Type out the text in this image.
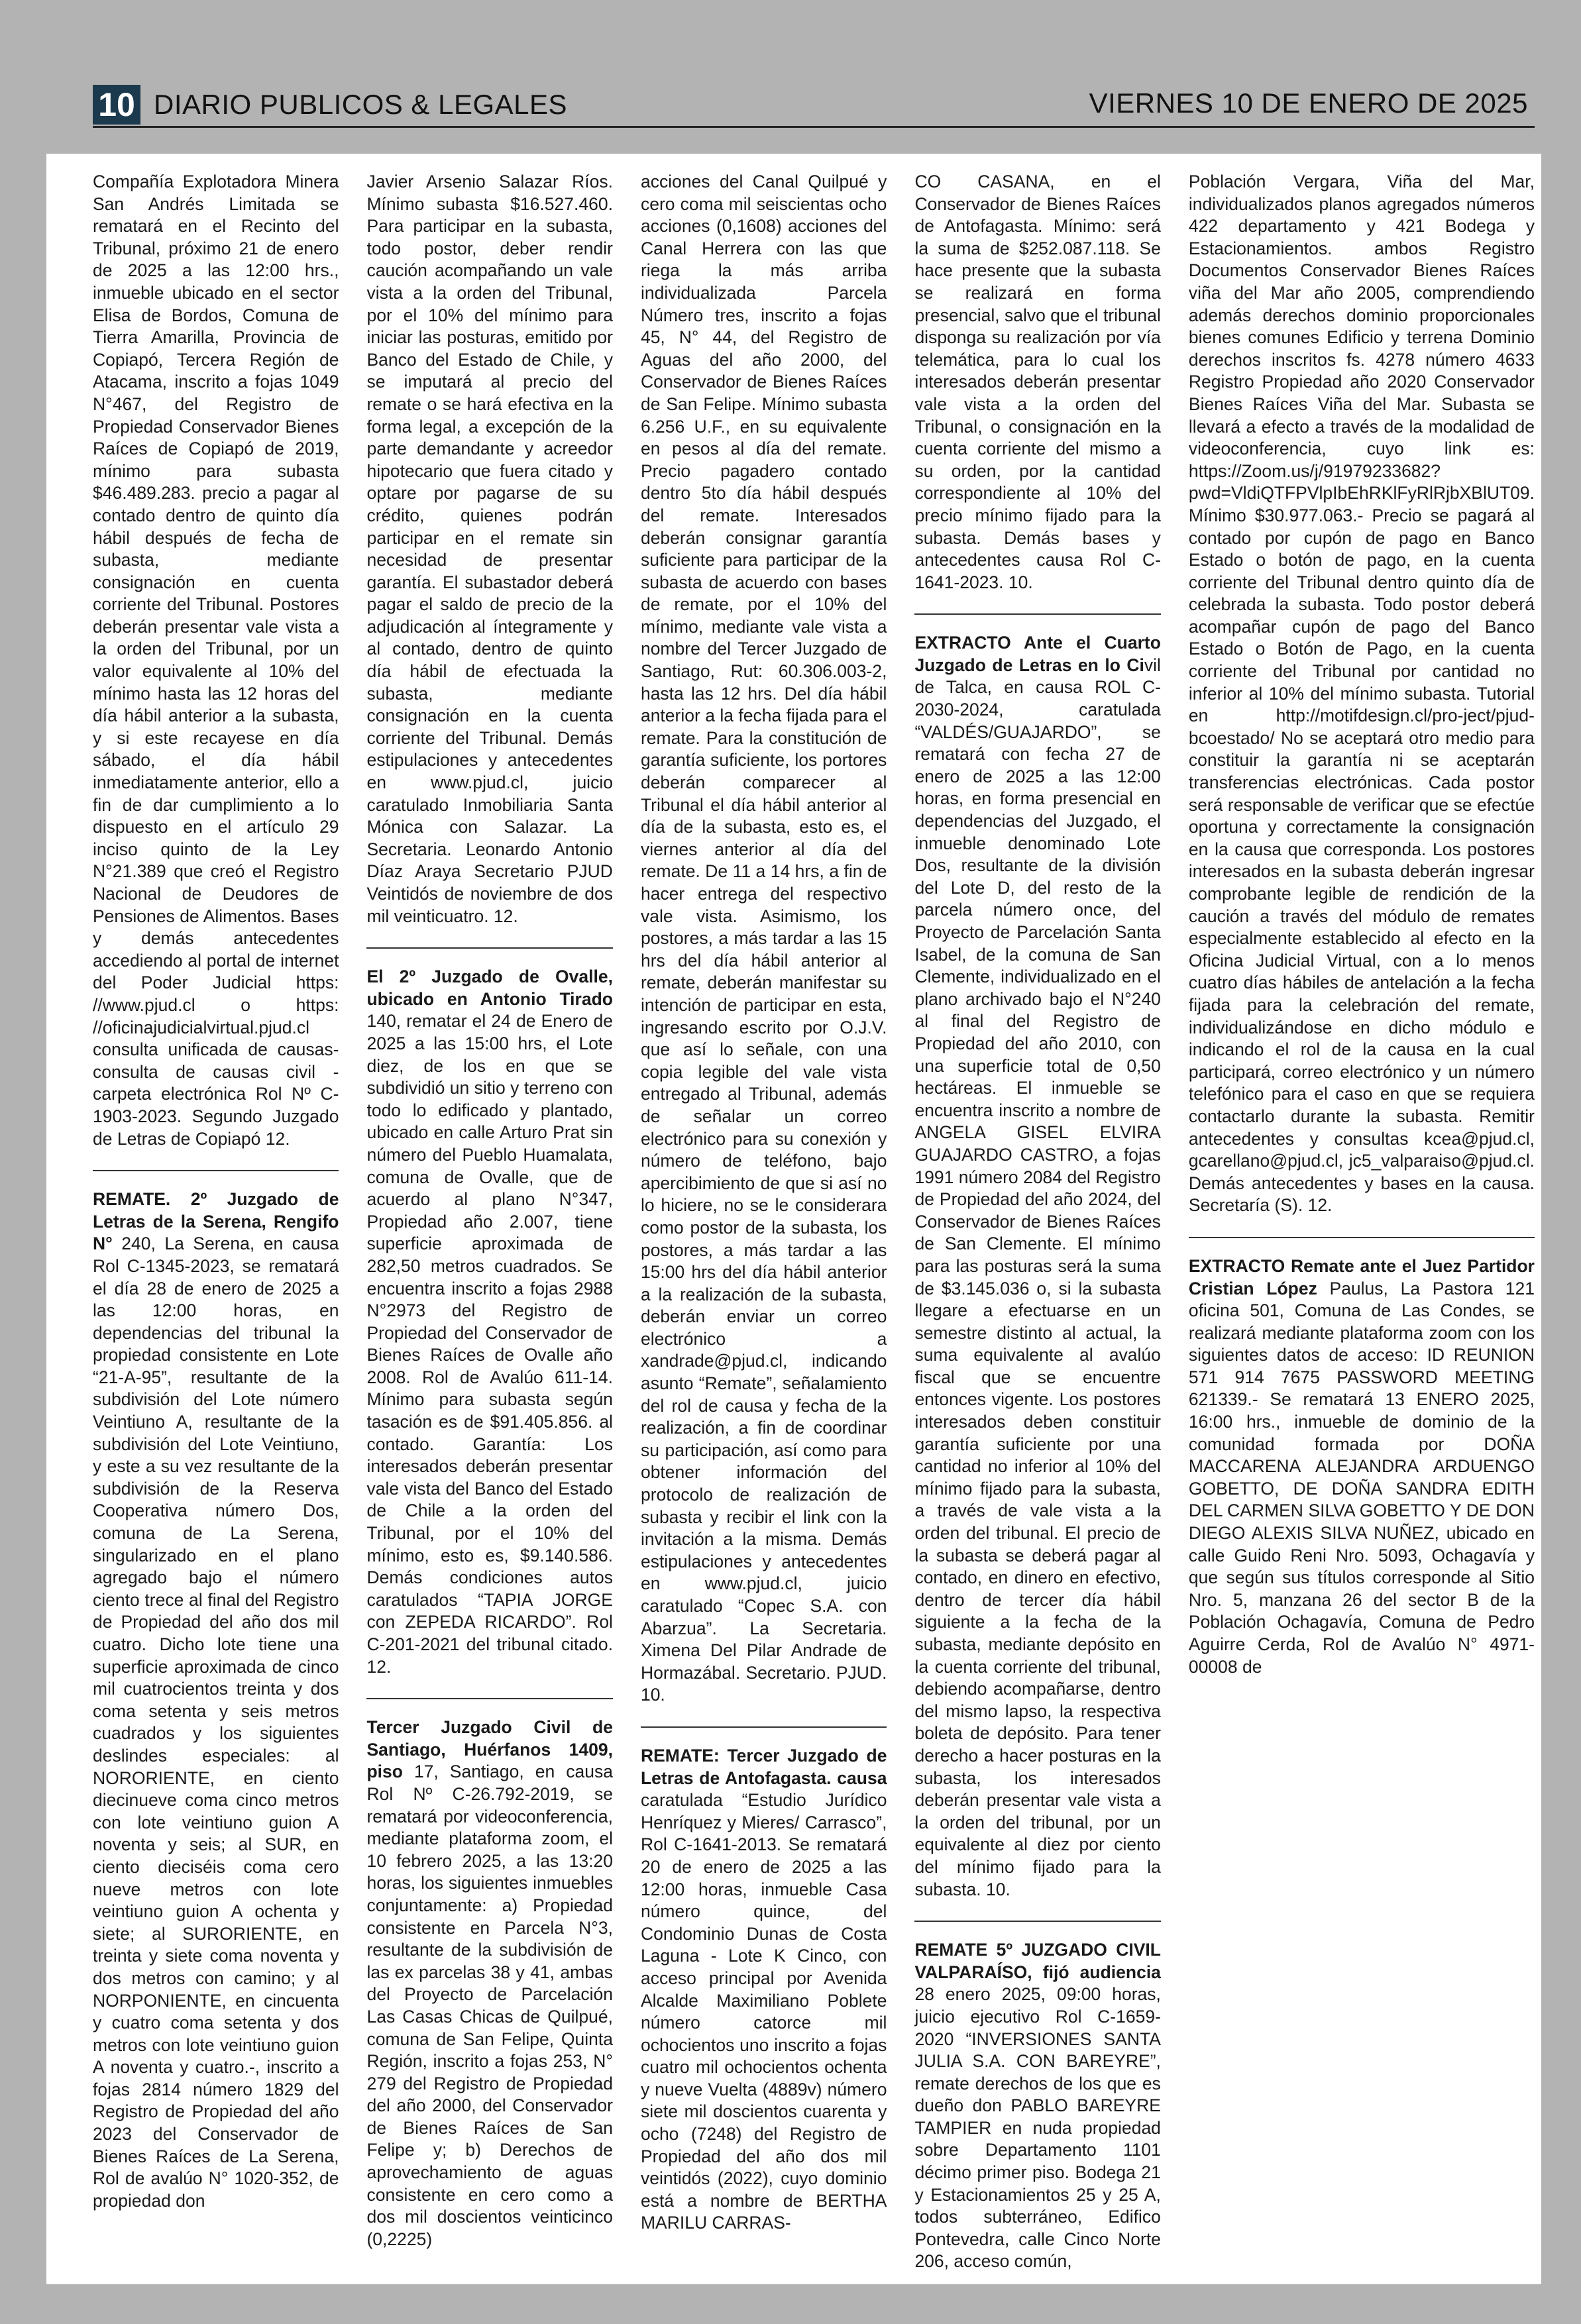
10 DIARIO PUBLICOS & LEGALES	VIERNES 10 DE ENERO DE 2025

Compañía Explotadora Minera San Andrés Limitada se rematará en el Recinto del Tribunal, próximo 21 de enero de 2025 a las 12:00 hrs., inmueble ubicado en el sector Elisa de Bordos, Comuna de Tierra Amarilla, Provincia de Copiapó, Tercera Región de Atacama, inscrito a fojas 1049 N°467, del Registro de Propiedad Conservador Bienes Raíces de Copiapó de 2019, mínimo para subasta $46.489.283. precio a pagar al contado dentro de quinto día hábil después de fecha de subasta, mediante consignación en cuenta corriente del Tribunal. Postores deberán presentar vale vista a la orden del Tribunal, por un valor equivalente al 10% del mínimo hasta las 12 horas del día hábil anterior a la subasta, y si este recayese en día sábado, el día hábil inmediatamente anterior, ello a fin de dar cumplimiento a lo dispuesto en el artículo 29 inciso quinto de la Ley N°21.389 que creó el Registro Nacional de Deudores de Pensiones de Alimentos. Bases y demás antecedentes accediendo al portal de internet del Poder Judicial https: //www.pjud.cl o https: //oficinajudicialvirtual.pjud.cl consulta unificada de causas- consulta de causas civil - carpeta electrónica Rol Nº C-1903-2023. Segundo Juzgado de Letras de Copiapó 12.

REMATE. 2º Juzgado de Letras de la Serena, Rengifo N° 240, La Serena, en causa Rol C-1345-2023, se rematará el día 28 de enero de 2025 a las 12:00 horas, en dependencias del tribunal la propiedad consistente en Lote “21-A-95”, resultante de la subdivisión del Lote número Veintiuno A, resultante de la subdivisión del Lote Veintiuno, y este a su vez resultante de la subdivisión de la Reserva Cooperativa número Dos, comuna de La Serena, singularizado en el plano agregado bajo el número ciento trece al final del Registro de Propiedad del año dos mil cuatro. Dicho lote tiene una superficie aproximada de cinco mil cuatrocientos treinta y dos coma setenta y seis metros cuadrados y los siguientes deslindes especiales: al NORORIENTE, en ciento diecinueve coma cinco metros con lote veintiuno guion A noventa y seis; al SUR, en ciento dieciséis coma cero nueve metros con lote veintiuno guion A ochenta y siete; al SURORIENTE, en treinta y siete coma noventa y dos metros con camino; y al NORPONIENTE, en cincuenta y cuatro coma setenta y dos metros con lote veintiuno guion A noventa y cuatro.-, inscrito a fojas 2814 número 1829 del Registro de Propiedad del año 2023 del Conservador de Bienes Raíces de La Serena, Rol de avalúo N° 1020-352, de propiedad don

Javier Arsenio Salazar Ríos. Mínimo subasta $16.527.460. Para participar en la subasta, todo postor, deber rendir caución acompañando un vale vista a la orden del Tribunal, por el 10% del mínimo para iniciar las posturas, emitido por Banco del Estado de Chile, y se imputará al precio del remate o se hará efectiva en la forma legal, a excepción de la parte demandante y acreedor hipotecario que fuera citado y optare por pagarse de su crédito, quienes podrán participar en el remate sin necesidad de presentar garantía. El subastador deberá pagar el saldo de precio de la adjudicación al íntegramente y al contado, dentro de quinto día hábil de efectuada la subasta, mediante consignación en la cuenta corriente del Tribunal. Demás estipulaciones y antecedentes en www.pjud.cl, juicio caratulado Inmobiliaria Santa Mónica con Salazar. La Secretaria. Leonardo Antonio Díaz Araya Secretario PJUD Veintidós de noviembre de dos mil veinticuatro. 12.

El 2º Juzgado de Ovalle, ubicado en Antonio Tirado 140, rematar el 24 de Enero de 2025 a las 15:00 hrs, el Lote diez, de los en que se subdividió un sitio y terreno con todo lo edificado y plantado, ubicado en calle Arturo Prat sin número del Pueblo Huamalata, comuna de Ovalle, que de acuerdo al plano N°347, Propiedad año 2.007, tiene superficie aproximada de 282,50 metros cuadrados. Se encuentra inscrito a fojas 2988 N°2973 del Registro de Propiedad del Conservador de Bienes Raíces de Ovalle año 2008. Rol de Avalúo 611-14. Mínimo para subasta según tasación es de $91.405.856. al contado. Garantía: Los interesados deberán presentar vale vista del Banco del Estado de Chile a la orden del Tribunal, por el 10% del mínimo, esto es, $9.140.586. Demás condiciones autos caratulados “TAPIA JORGE con ZEPEDA RICARDO”. Rol C-201-2021 del tribunal citado. 12.

Tercer Juzgado Civil de Santiago, Huérfanos 1409, piso 17, Santiago, en causa Rol Nº C-26.792-2019, se rematará por videoconferencia, mediante plataforma zoom, el 10 febrero 2025, a las 13:20 horas, los siguientes inmuebles conjuntamente: a) Propiedad consistente en Parcela N°3, resultante de la subdivisión de las ex parcelas 38 y 41, ambas del Proyecto de Parcelación Las Casas Chicas de Quilpué, comuna de San Felipe, Quinta Región, inscrito a fojas 253, N° 279 del Registro de Propiedad del año 2000, del Conservador de Bienes Raíces de San Felipe y; b) Derechos de aprovechamiento de aguas consistente en cero como a dos mil doscientos veinticinco (0,2225)

acciones del Canal Quilpué y cero coma mil seiscientas ocho acciones (0,1608) acciones del Canal Herrera con las que riega la más arriba individualizada Parcela Número tres, inscrito a fojas 45, N° 44, del Registro de Aguas del año 2000, del Conservador de Bienes Raíces de San Felipe. Mínimo subasta 6.256 U.F., en su equivalente en pesos al día del remate. Precio pagadero contado dentro 5to día hábil después del remate. Interesados deberán consignar garantía suficiente para participar de la subasta de acuerdo con bases de remate, por el 10% del mínimo, mediante vale vista a nombre del Tercer Juzgado de Santiago, Rut: 60.306.003-2, hasta las 12 hrs. Del día hábil anterior a la fecha fijada para el remate. Para la constitución de garantía suficiente, los portores deberán comparecer al Tribunal el día hábil anterior al día de la subasta, esto es, el viernes anterior al día del remate. De 11 a 14 hrs, a fin de hacer entrega del respectivo vale vista. Asimismo, los postores, a más tardar a las 15 hrs del día hábil anterior al remate, deberán manifestar su intención de participar en esta, ingresando escrito por O.J.V. que así lo señale, con una copia legible del vale vista entregado al Tribunal, además de señalar un correo electrónico para su conexión y número de teléfono, bajo apercibimiento de que si así no lo hiciere, no se le considerara como postor de la subasta, los postores, a más tardar a las 15:00 hrs del día hábil anterior a la realización de la subasta, deberán enviar un correo electrónico a xandrade@pjud.cl, indicando asunto “Remate”, señalamiento del rol de causa y fecha de la realización, a fin de coordinar su participación, así como para obtener información del protocolo de realización de subasta y recibir el link con la invitación a la misma. Demás estipulaciones y antecedentes en www.pjud.cl, juicio caratulado “Copec S.A. con Abarzua”. La Secretaria. Ximena Del Pilar Andrade de Hormazábal. Secretario. PJUD. 10.

REMATE: Tercer Juzgado de Letras de Antofagasta. causa caratulada “Estudio Jurídico Henríquez y Mieres/ Carrasco”, Rol C-1641-2013. Se rematará 20 de enero de 2025 a las 12:00 horas, inmueble Casa número quince, del Condominio Dunas de Costa Laguna - Lote K Cinco, con acceso principal por Avenida Alcalde Maximiliano Poblete número catorce mil ochocientos uno inscrito a fojas cuatro mil ochocientos ochenta y nueve Vuelta (4889v) número siete mil doscientos cuarenta y ocho (7248) del Registro de Propiedad del año dos mil veintidós (2022), cuyo dominio está a nombre de BERTHA MARILU CARRAS-

CO CASANA, en el Conservador de Bienes Raíces de Antofagasta. Mínimo: será la suma de $252.087.118. Se hace presente que la subasta se realizará en forma presencial, salvo que el tribunal disponga su realización por vía telemática, para lo cual los interesados deberán presentar vale vista a la orden del Tribunal, o consignación en la cuenta corriente del mismo a su orden, por la cantidad correspondiente al 10% del precio mínimo fijado para la subasta. Demás bases y antecedentes causa Rol C-1641-2023. 10.

EXTRACTO Ante el Cuarto Juzgado de Letras en lo Civil de Talca, en causa ROL C-2030-2024, caratulada “VALDÉS/GUAJARDO”, se rematará con fecha 27 de enero de 2025 a las 12:00 horas, en forma presencial en dependencias del Juzgado, el inmueble denominado Lote Dos, resultante de la división del Lote D, del resto de la parcela número once, del Proyecto de Parcelación Santa Isabel, de la comuna de San Clemente, individualizado en el plano archivado bajo el N°240 al final del Registro de Propiedad del año 2010, con una superficie total de 0,50 hectáreas. El inmueble se encuentra inscrito a nombre de ANGELA GISEL ELVIRA GUAJARDO CASTRO, a fojas 1991 número 2084 del Registro de Propiedad del año 2024, del Conservador de Bienes Raíces de San Clemente. El mínimo para las posturas será la suma de $3.145.036 o, si la subasta llegare a efectuarse en un semestre distinto al actual, la suma equivalente al avalúo fiscal que se encuentre entonces vigente. Los postores interesados deben constituir garantía suficiente por una cantidad no inferior al 10% del mínimo fijado para la subasta, a través de vale vista a la orden del tribunal. El precio de la subasta se deberá pagar al contado, en dinero en efectivo, dentro de tercer día hábil siguiente a la fecha de la subasta, mediante depósito en la cuenta corriente del tribunal, debiendo acompañarse, dentro del mismo lapso, la respectiva boleta de depósito. Para tener derecho a hacer posturas en la subasta, los interesados deberán presentar vale vista a la orden del tribunal, por un equivalente al diez por ciento del mínimo fijado para la subasta. 10.

REMATE 5º JUZGADO CIVIL VALPARAÍSO, fijó audiencia 28 enero 2025, 09:00 horas, juicio ejecutivo Rol C-1659-2020 “INVERSIONES SANTA JULIA S.A. CON BAREYRE”, remate derechos de los que es dueño don PABLO BAREYRE TAMPIER en nuda propiedad sobre Departamento 1101 décimo primer piso. Bodega 21 y Estacionamientos 25 y 25 A, todos subterráneo, Edifico Pontevedra, calle Cinco Norte 206, acceso común,

Población Vergara, Viña del Mar, individualizados planos agregados números 422 departamento y 421 Bodega y Estacionamientos. ambos Registro Documentos Conservador Bienes Raíces viña del Mar año 2005, comprendiendo además derechos dominio proporcionales bienes comunes Edificio y terrena Dominio derechos inscritos fs. 4278 número 4633 Registro Propiedad año 2020 Conservador Bienes Raíces Viña del Mar. Subasta se llevará a efecto a través de la modalidad de videoconferencia, cuyo link es: https://Zoom.us/j/91979233682?pwd=VldiQTFPVlpIbEhRKlFyRlRjbXBlUT09. Mínimo $30.977.063.- Precio se pagará al contado por cupón de pago en Banco Estado o botón de pago, en la cuenta corriente del Tribunal dentro quinto día de celebrada la subasta. Todo postor deberá acompañar cupón de pago del Banco Estado o Botón de Pago, en la cuenta corriente del Tribunal por cantidad no inferior al 10% del mínimo subasta. Tutorial en http://motifdesign.cl/pro-ject/pjud-bcoestado/ No se aceptará otro medio para constituir la garantía ni se aceptarán transferencias electrónicas. Cada postor será responsable de verificar que se efectúe oportuna y correctamente la consignación en la causa que corresponda. Los postores interesados en la subasta deberán ingresar comprobante legible de rendición de la caución a través del módulo de remates especialmente establecido al efecto en la Oficina Judicial Virtual, con a lo menos cuatro días hábiles de antelación a la fecha fijada para la celebración del remate, individualizándose en dicho módulo e indicando el rol de la causa en la cual participará, correo electrónico y un número telefónico para el caso en que se requiera contactarlo durante la subasta. Remitir antecedentes y consultas kcea@pjud.cl, gcarellano@pjud.cl, jc5_valparaiso@pjud.cl. Demás antecedentes y bases en la causa. Secretaría (S). 12.

EXTRACTO Remate ante el Juez Partidor Cristian López Paulus, La Pastora 121 oficina 501, Comuna de Las Condes, se realizará mediante plataforma zoom con los siguientes datos de acceso: ID REUNION 571 914 7675 PASSWORD MEETING 621339.- Se rematará 13 ENERO 2025, 16:00 hrs., inmueble de dominio de la comunidad formada por DOÑA MACCARENA ALEJANDRA ARDUENGO GOBETTO, DE DOÑA SANDRA EDITH DEL CARMEN SILVA GOBETTO Y DE DON DIEGO ALEXIS SILVA NUÑEZ, ubicado en calle Guido Reni Nro. 5093, Ochagavía y que según sus títulos corresponde al Sitio Nro. 5, manzana 26 del sector B de la Población Ochagavía, Comuna de Pedro Aguirre Cerda, Rol de Avalúo N° 4971-00008 de
